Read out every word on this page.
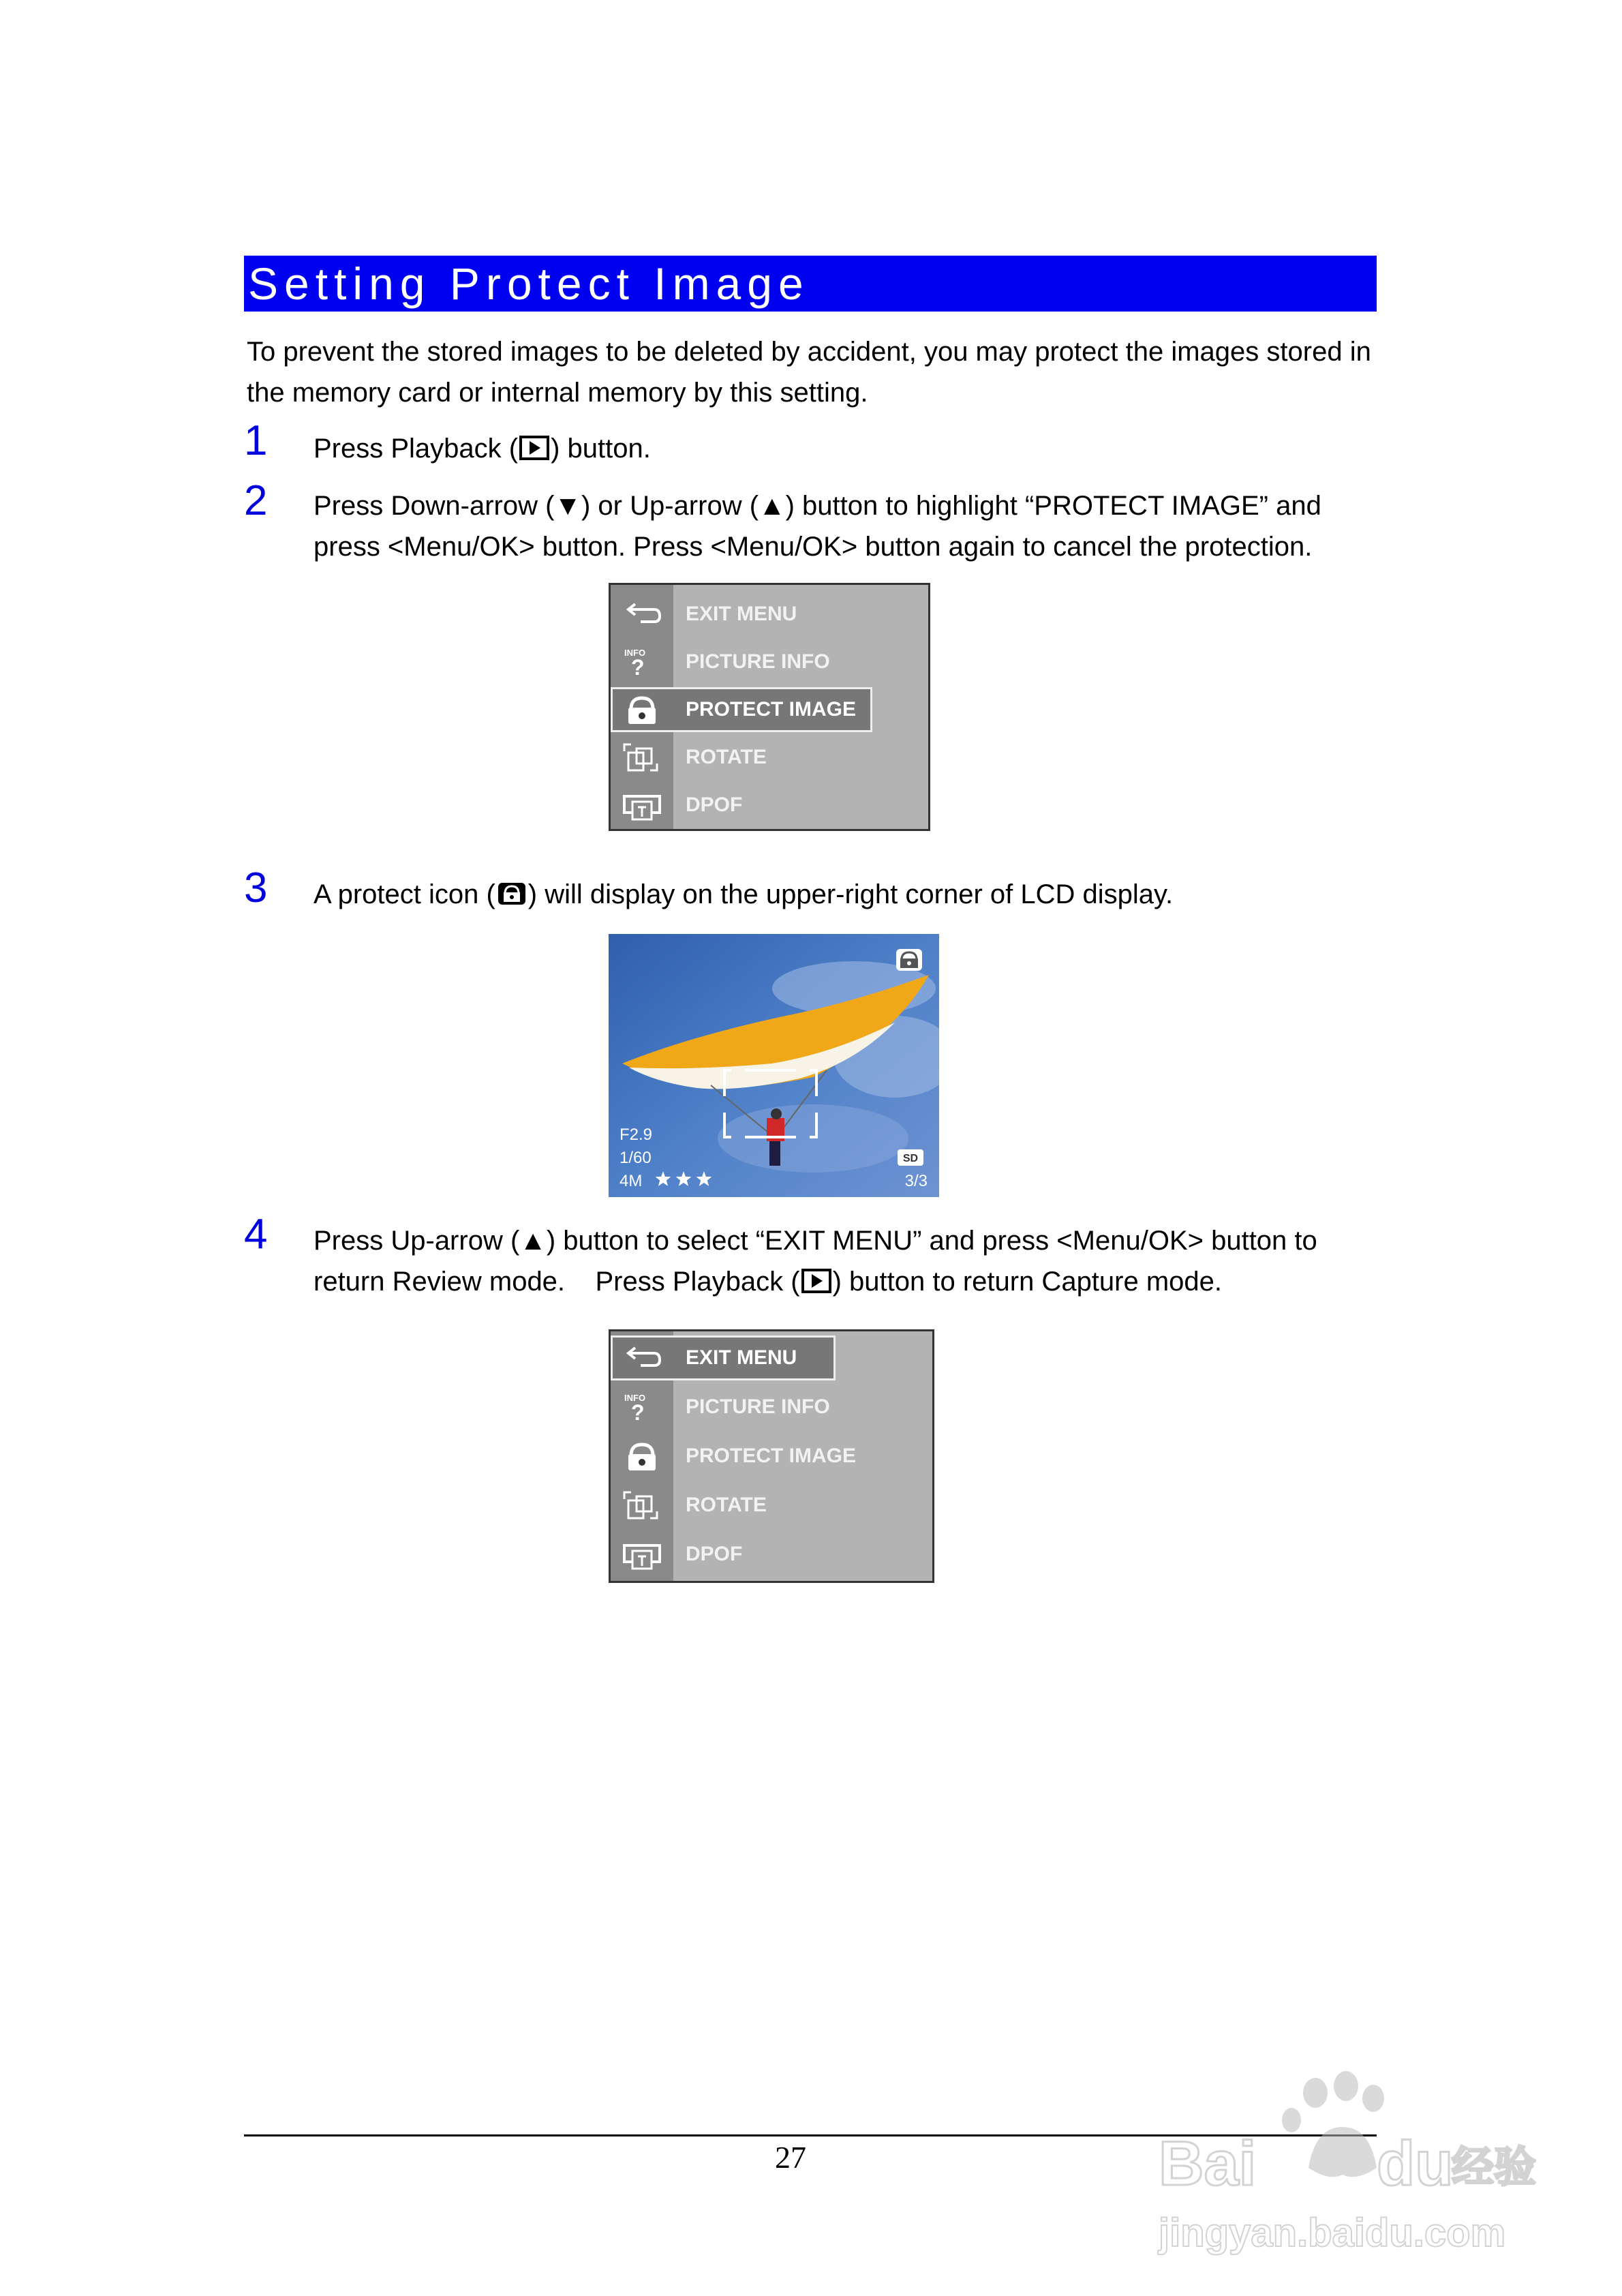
Setting Protect Image
To prevent the stored images to be deleted by accident, you may protect the images stored in the memory card or internal memory by this setting.
1 Press Playback ( ) button.
2 Press Down-arrow (▼) or Up-arrow (▲) button to highlight “PROTECT IMAGE” and press <Menu/OK> button. Press <Menu/OK> button again to cancel the protection.
EXIT MENU
INFO
? PICTURE INFO
PROTECT IMAGE
ROTATE
DPOF
3 A protect icon ( ) will display on the upper-right corner of LCD display.
F2.9
1/60
4M
SD
3/3
4 Press Up-arrow (▲) button to select “EXIT MENU” and press <Menu/OK> button to return Review mode.    Press Playback ( ) button to return Capture mode.
EXIT MENU
INFO
? PICTURE INFO
PROTECT IMAGE
ROTATE
DPOF
27	Bai du
经验
jingyan.baidu.com
